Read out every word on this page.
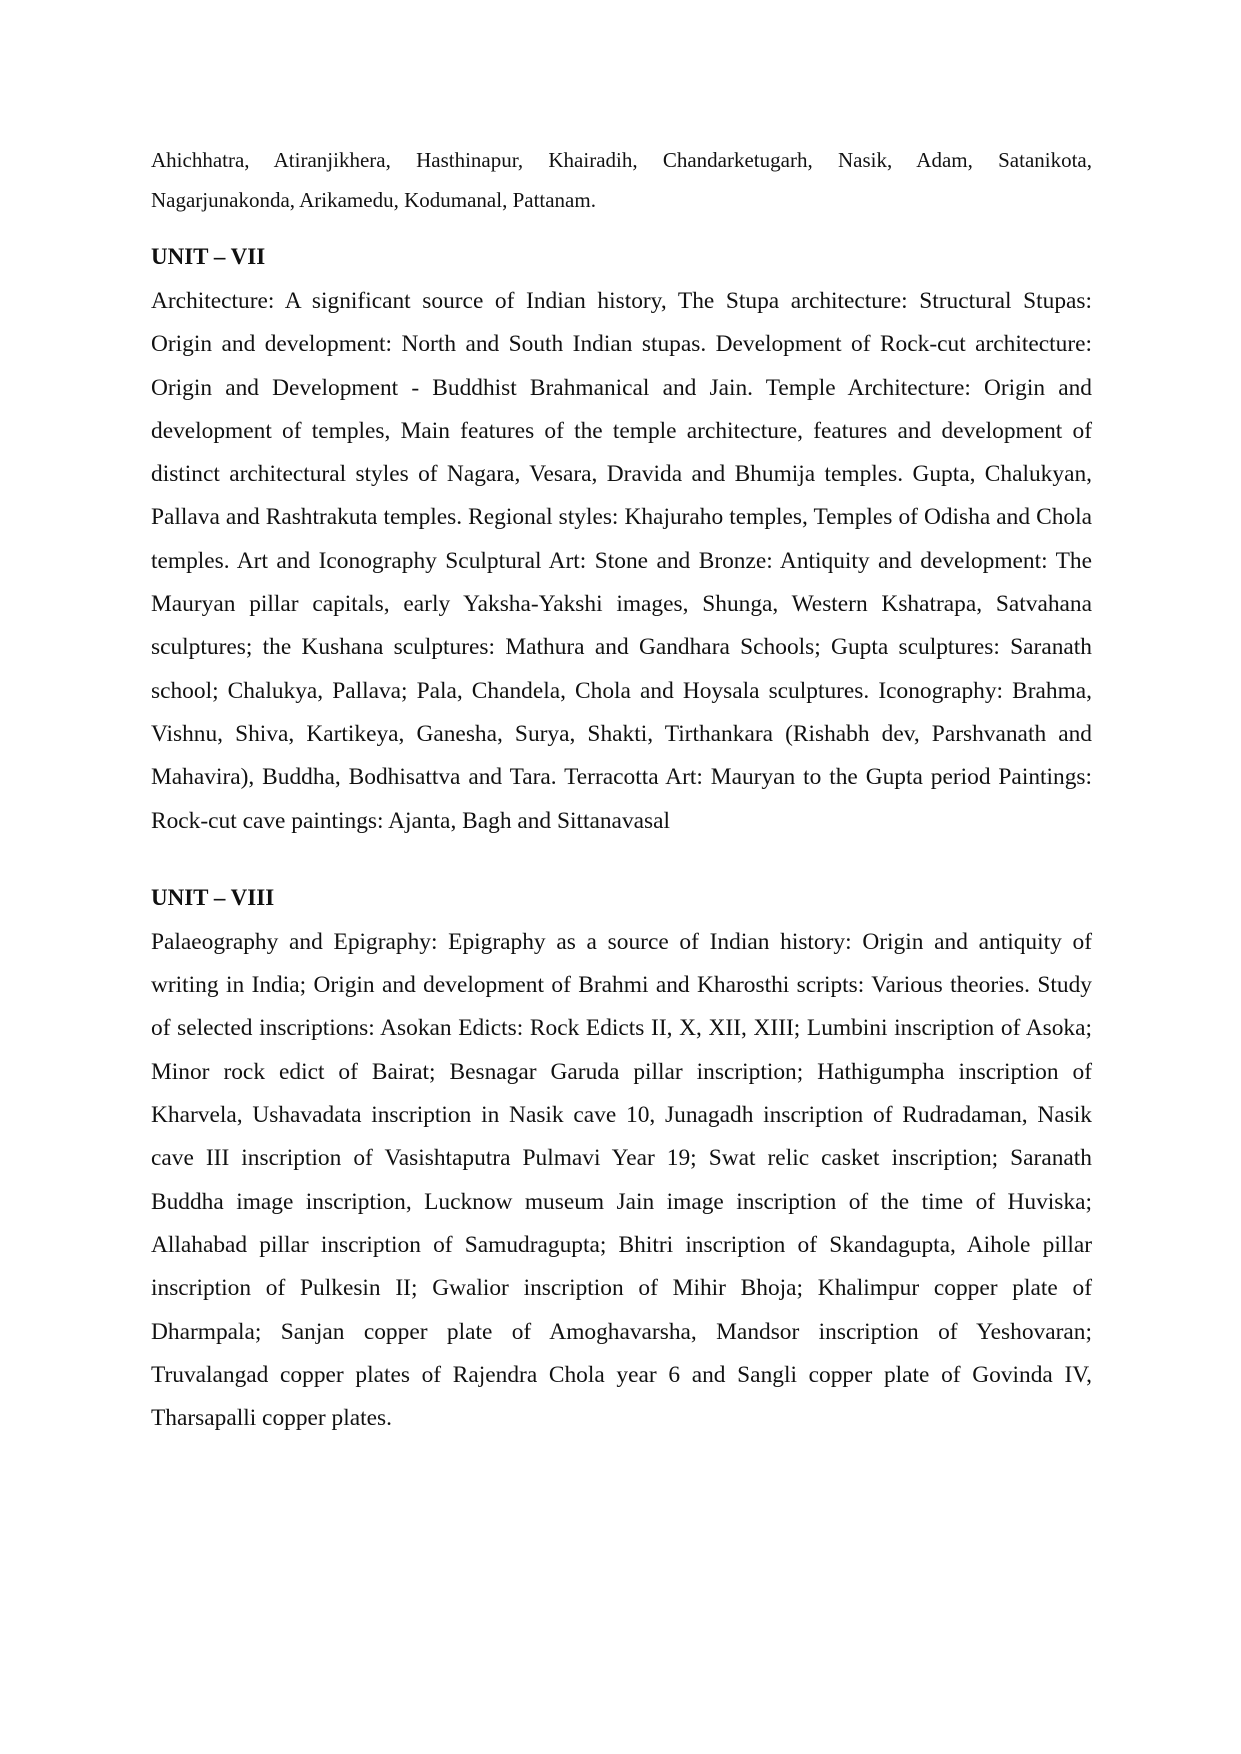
Ahichhatra, Atiranjikhera, Hasthinapur, Khairadih, Chandarketugarh, Nasik, Adam, Satanikota, Nagarjunakonda, Arikamedu, Kodumanal, Pattanam.

UNIT – VII

Architecture: A significant source of Indian history, The Stupa architecture: Structural Stupas: Origin and development: North and South Indian stupas. Development of Rock-cut architecture: Origin and Development - Buddhist Brahmanical and Jain. Temple Architecture: Origin and development of temples, Main features of the temple architecture, features and development of distinct architectural styles of Nagara, Vesara, Dravida and Bhumija temples. Gupta, Chalukyan, Pallava and Rashtrakuta temples. Regional styles: Khajuraho temples, Temples of Odisha and Chola temples. Art and Iconography Sculptural Art: Stone and Bronze: Antiquity and development: The Mauryan pillar capitals, early Yaksha-Yakshi images, Shunga, Western Kshatrapa, Satvahana sculptures; the Kushana sculptures: Mathura and Gandhara Schools; Gupta sculptures: Saranath school; Chalukya, Pallava; Pala, Chandela, Chola and Hoysala sculptures. Iconography: Brahma, Vishnu, Shiva, Kartikeya, Ganesha, Surya, Shakti, Tirthankara (Rishabh dev, Parshvanath and Mahavira), Buddha, Bodhisattva and Tara. Terracotta Art: Mauryan to the Gupta period Paintings: Rock-cut cave paintings: Ajanta, Bagh and Sittanavasal

UNIT – VIII

Palaeography and Epigraphy: Epigraphy as a source of Indian history: Origin and antiquity of writing in India; Origin and development of Brahmi and Kharosthi scripts: Various theories. Study of selected inscriptions: Asokan Edicts: Rock Edicts II, X, XII, XIII; Lumbini inscription of Asoka; Minor rock edict of Bairat; Besnagar Garuda pillar inscription; Hathigumpha inscription of Kharvela, Ushavadata inscription in Nasik cave 10, Junagadh inscription of Rudradaman, Nasik cave III inscription of Vasishtaputra Pulmavi Year 19; Swat relic casket inscription; Saranath Buddha image inscription, Lucknow museum Jain image inscription of the time of Huviska; Allahabad pillar inscription of Samudragupta; Bhitri inscription of Skandagupta, Aihole pillar inscription of Pulkesin II; Gwalior inscription of Mihir Bhoja; Khalimpur copper plate of Dharmpala; Sanjan copper plate of Amoghavarsha, Mandsor inscription of Yeshovaran; Truvalangad copper plates of Rajendra Chola year 6 and Sangli copper plate of Govinda IV, Tharsapalli copper plates.
